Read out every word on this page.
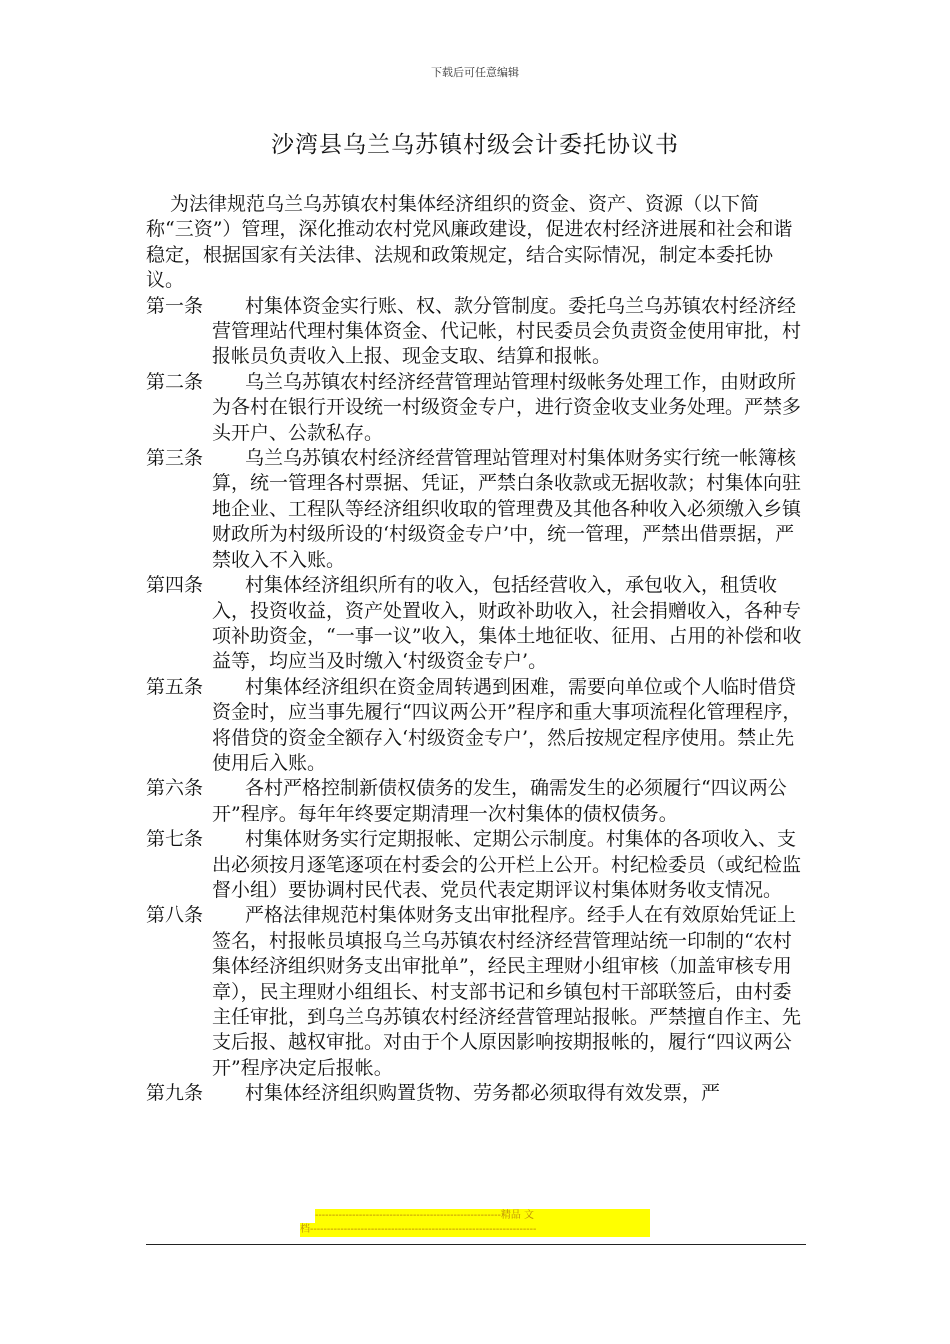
下载后可任意编辑
沙湾县乌兰乌苏镇村级会计委托协议书

为法律规范乌兰乌苏镇农村集体经济组织的资金、资产、资源（以下简称“三资”）管理，深化推动农村党风廉政建设，促进农村经济进展和社会和谐稳定，根据国家有关法律、法规和政策规定，结合实际情况，制定本委托协议。

第一条	村集体资金实行账、权、款分管制度。委托乌兰乌苏镇农村经济经营管理站代理村集体资金、代记帐，村民委员会负责资金使用审批，村报帐员负责收入上报、现金支取、结算和报帐。
第二条	乌兰乌苏镇农村经济经营管理站管理村级帐务处理工作，由财政所为各村在银行开设统一村级资金专户，进行资金收支业务处理。严禁多头开户、公款私存。
第三条	乌兰乌苏镇农村经济经营管理站管理对村集体财务实行统一帐簿核算，统一管理各村票据、凭证，严禁白条收款或无据收款；村集体向驻地企业、工程队等经济组织收取的管理费及其他各种收入必须缴入乡镇财政所为村级所设的‘村级资金专户’中，统一管理，严禁出借票据，严禁收入不入账。
第四条	村集体经济组织所有的收入，包括经营收入，承包收入，租赁收入，投资收益，资产处置收入，财政补助收入，社会捐赠收入，各种专项补助资金，“一事一议”收入，集体土地征收、征用、占用的补偿和收益等，均应当及时缴入‘村级资金专户’。
第五条	村集体经济组织在资金周转遇到困难，需要向单位或个人临时借贷资金时，应当事先履行“四议两公开”程序和重大事项流程化管理程序，将借贷的资金全额存入‘村级资金专户’，然后按规定程序使用。禁止先使用后入账。
第六条	各村严格控制新债权债务的发生，确需发生的必须履行“四议两公开”程序。每年年终要定期清理一次村集体的债权债务。
第七条	村集体财务实行定期报帐、定期公示制度。村集体的各项收入、支出必须按月逐笔逐项在村委会的公开栏上公开。村纪检委员（或纪检监督小组）要协调村民代表、党员代表定期评议村集体财务收支情况。
第八条	严格法律规范村集体财务支出审批程序。经手人在有效原始凭证上签名，村报帐员填报乌兰乌苏镇农村经济经营管理站统一印制的“农村集体经济组织财务支出审批单”，经民主理财小组审核（加盖审核专用章），民主理财小组组长、村支部书记和乡镇包村干部联签后，由村委主任审批，到乌兰乌苏镇农村经济经营管理站报帐。严禁擅自作主、先支后报、越权审批。对由于个人原因影响按期报帐的，履行“四议两公开”程序决定后报帐。
第九条	村集体经济组织购置货物、劳务都必须取得有效发票，严
-------------------------------------------------------精品 文
档-------------------------------------------------------------------
